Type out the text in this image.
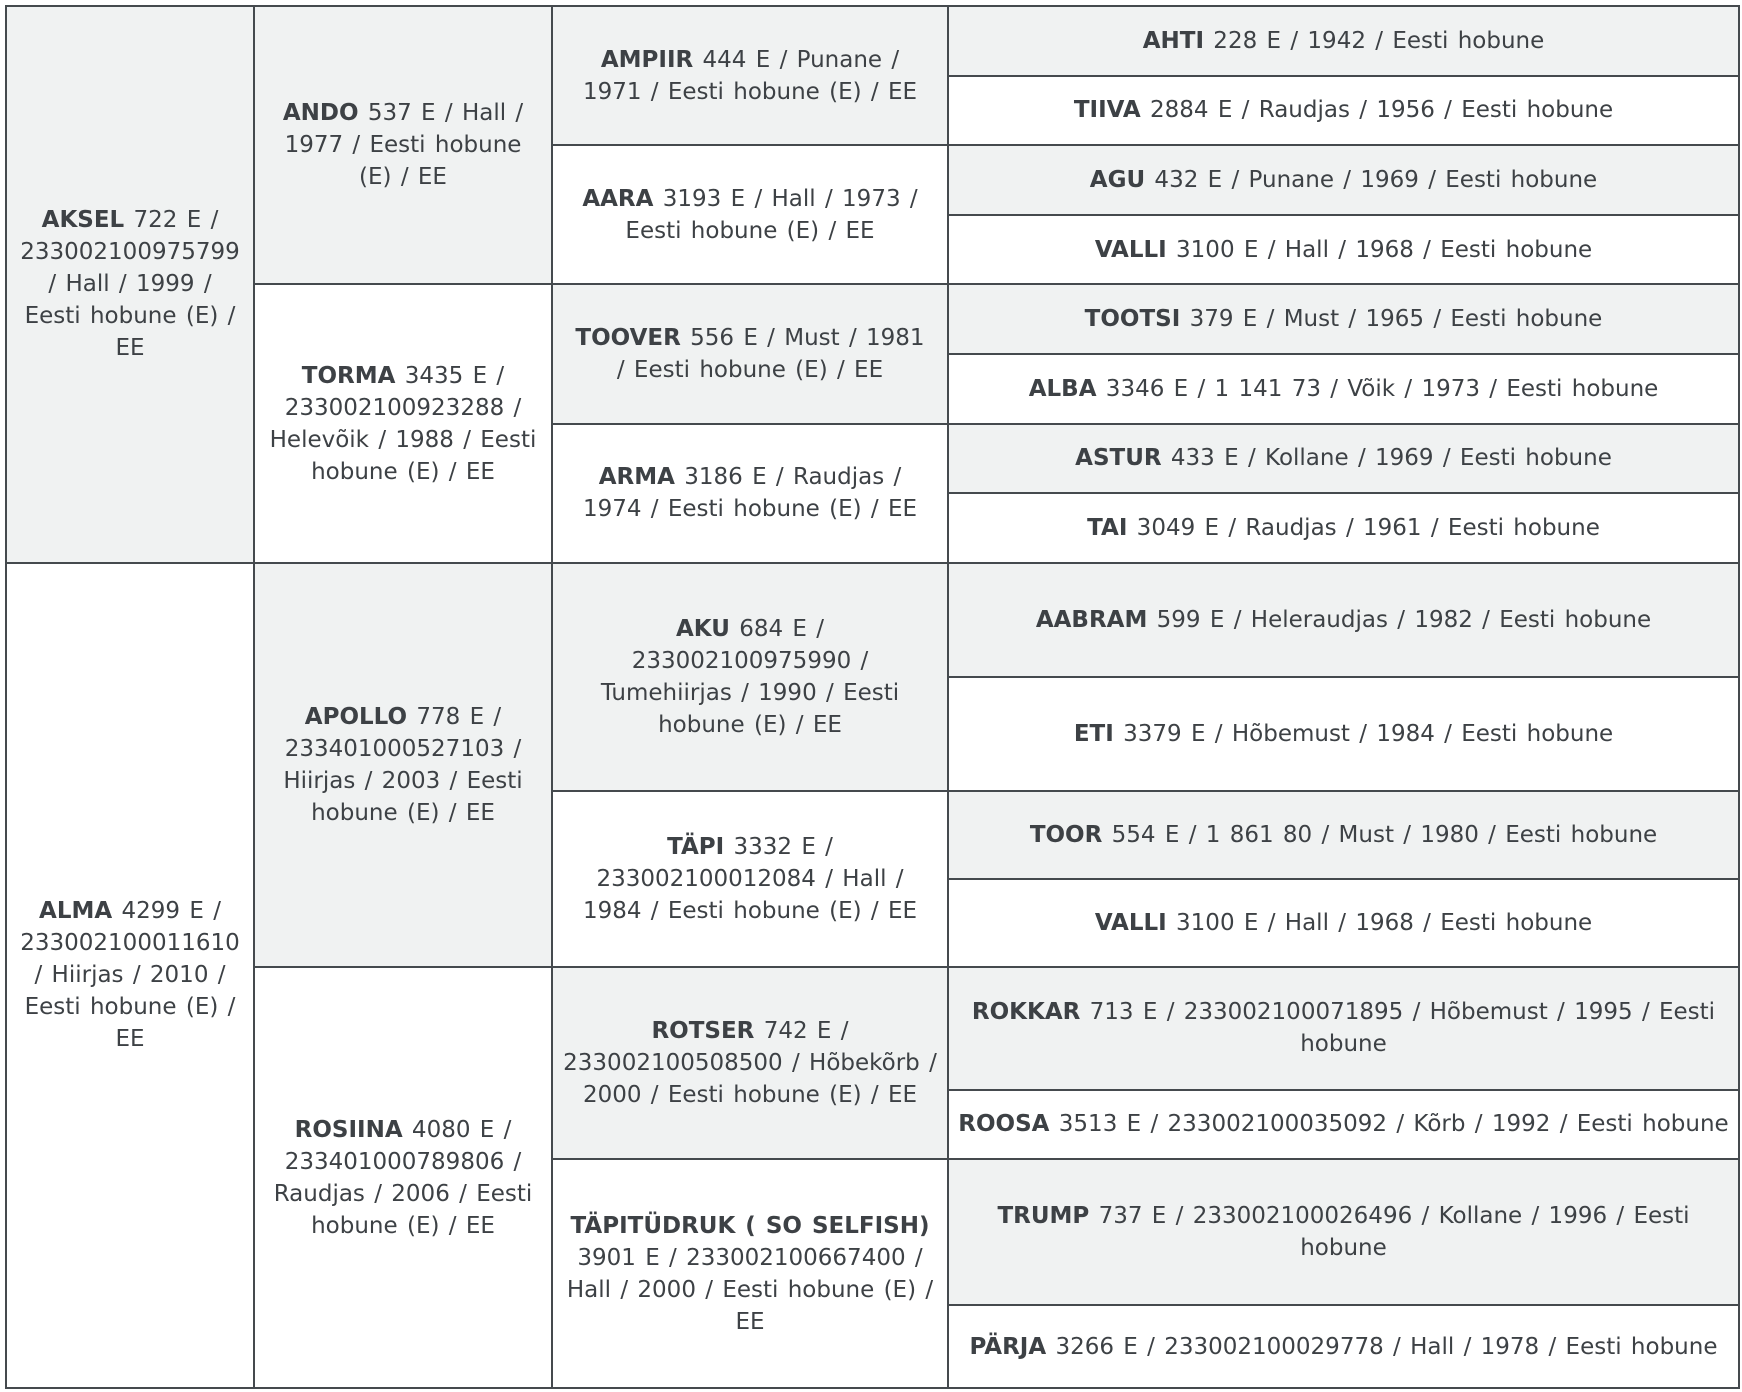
AKSEL 722 E / 233002100975799 / Hall / 1999 / Eesti hobune (E) / EE	ANDO 537 E / Hall / 1977 / Eesti hobune (E) / EE	AMPIIR 444 E / Punane / 1971 / Eesti hobune (E) / EE	AHTI 228 E / 1942 / Eesti hobune
			TIIVA 2884 E / Raudjas / 1956 / Eesti hobune
		AARA 3193 E / Hall / 1973 / Eesti hobune (E) / EE	AGU 432 E / Punane / 1969 / Eesti hobune
			VALLI 3100 E / Hall / 1968 / Eesti hobune
	TORMA 3435 E / 233002100923288 / Helevõik / 1988 / Eesti hobune (E) / EE	TOOVER 556 E / Must / 1981 / Eesti hobune (E) / EE	TOOTSI 379 E / Must / 1965 / Eesti hobune
			ALBA 3346 E / 1 141 73 / Võik / 1973 / Eesti hobune
		ARMA 3186 E / Raudjas / 1974 / Eesti hobune (E) / EE	ASTUR 433 E / Kollane / 1969 / Eesti hobune
			TAI 3049 E / Raudjas / 1961 / Eesti hobune
ALMA 4299 E / 233002100011610 / Hiirjas / 2010 / Eesti hobune (E) / EE	APOLLO 778 E / 233401000527103 / Hiirjas / 2003 / Eesti hobune (E) / EE	AKU 684 E / 233002100975990 / Tumehiirjas / 1990 / Eesti hobune (E) / EE	AABRAM 599 E / Heleraudjas / 1982 / Eesti hobune
			ETI 3379 E / Hõbemust / 1984 / Eesti hobune
		TÄPI 3332 E / 233002100012084 / Hall / 1984 / Eesti hobune (E) / EE	TOOR 554 E / 1 861 80 / Must / 1980 / Eesti hobune
			VALLI 3100 E / Hall / 1968 / Eesti hobune
	ROSIINA 4080 E / 233401000789806 / Raudjas / 2006 / Eesti hobune (E) / EE	ROTSER 742 E / 233002100508500 / Hõbekõrb / 2000 / Eesti hobune (E) / EE	ROKKAR 713 E / 233002100071895 / Hõbemust / 1995 / Eesti hobune
			ROOSA 3513 E / 233002100035092 / Kõrb / 1992 / Eesti hobune
		TÄPITÜDRUK ( SO SELFISH) 3901 E / 233002100667400 / Hall / 2000 / Eesti hobune (E) / EE	TRUMP 737 E / 233002100026496 / Kollane / 1996 / Eesti hobune
			PÄRJA 3266 E / 233002100029778 / Hall / 1978 / Eesti hobune
